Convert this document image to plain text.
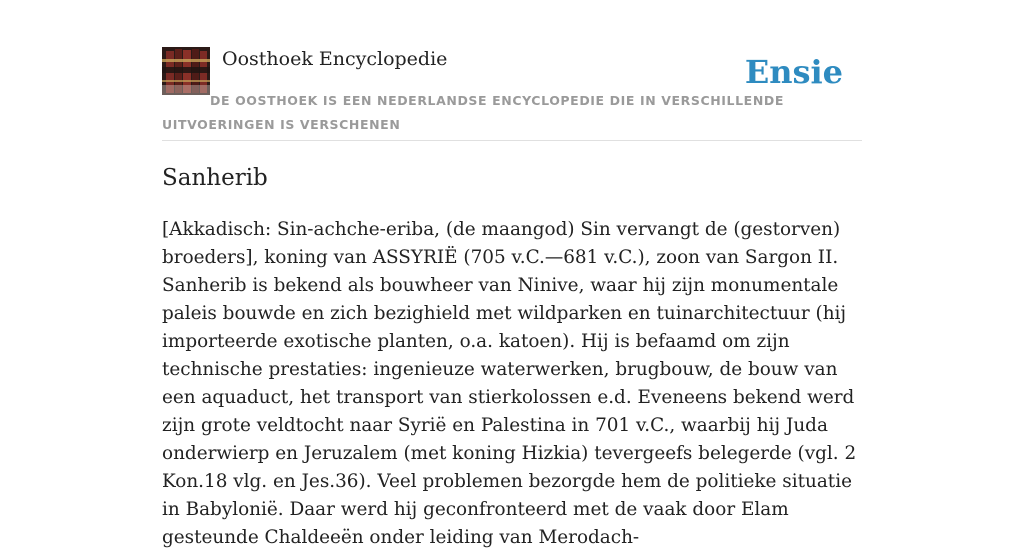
Oosthoek Encyclopedie	Ensie
DE OOSTHOEK IS EEN NEDERLANDSE ENCYCLOPEDIE DIE IN VERSCHILLENDE UITVOERINGEN IS VERSCHENEN
Sanherib

[Akkadisch: Sin-achche-eriba, (de maangod) Sin vervangt de (gestorven) broeders], koning van ASSYRIË (705 v.C.—681 v.C.), zoon van Sargon II. Sanherib is bekend als bouwheer van Ninive, waar hij zijn monumentale paleis bouwde en zich bezighield met wildparken en tuinarchitectuur (hij importeerde exotische planten, o.a. katoen). Hij is befaamd om zijn technische prestaties: ingenieuze waterwerken, brugbouw, de bouw van een aquaduct, het transport van stierkolossen e.d. Eveneens bekend werd zijn grote veldtocht naar Syrië en Palestina in 701 v.C., waarbij hij Juda onderwierp en Jeruzalem (met koning Hizkia) tevergeefs belegerde (vgl. 2 Kon.18 vlg. en Jes.36). Veel problemen bezorgde hem de politieke situatie in Babylonië. Daar werd hij geconfronteerd met de vaak door Elam gesteunde Chaldeeën onder leiding van Merodach-
